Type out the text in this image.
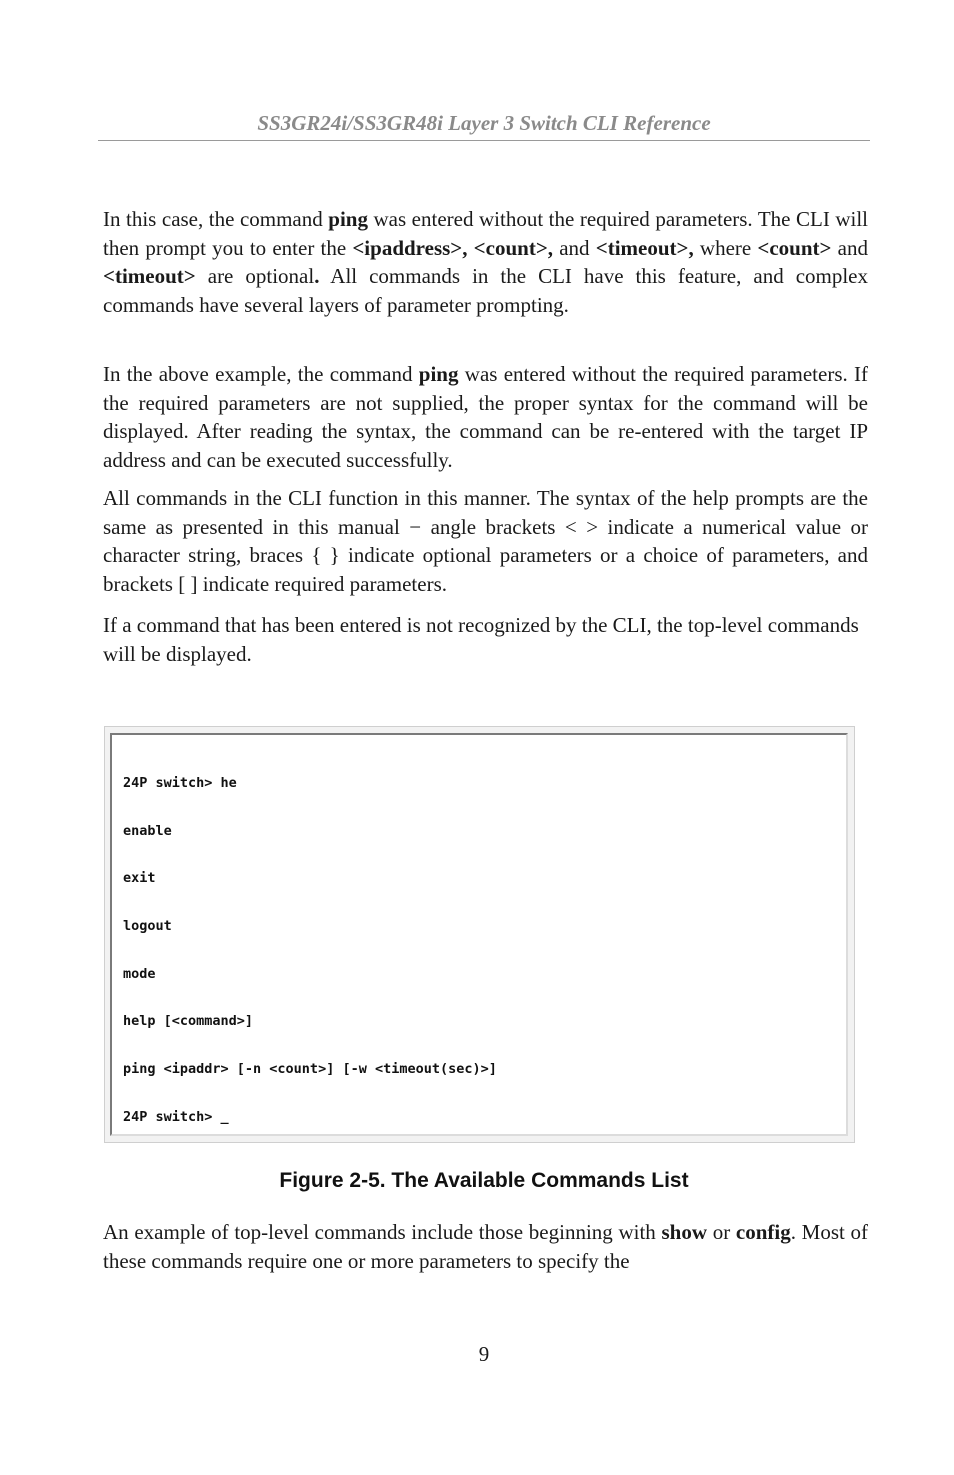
SS3GR24i/SS3GR48i Layer 3 Switch CLI Reference

In this case, the command ping was entered without the required parameters. The CLI will then prompt you to enter the <ipaddress>, <count>, and <timeout>, where <count> and <timeout> are optional. All commands in the CLI have this feature, and complex commands have several layers of parameter prompting.

In the above example, the command ping was entered without the required parameters. If the required parameters are not supplied, the proper syntax for the command will be displayed. After reading the syntax, the command can be re-entered with the target IP address and can be executed successfully.

All commands in the CLI function in this manner. The syntax of the help prompts are the same as presented in this manual − angle brackets < > indicate a numerical value or character string, braces { } indicate optional parameters or a choice of parameters, and brackets [ ] indicate required parameters.

If a command that has been entered is not recognized by the CLI, the top-level commands will be displayed.

24P switch> he

enable

exit

logout

mode

help [<command>]

ping <ipaddr> [-n <count>] [-w <timeout(sec)>]

24P switch> _

Figure 2-5. The Available Commands List

An example of top-level commands include those beginning with show or config. Most of these commands require one or more parameters to specify the

9
